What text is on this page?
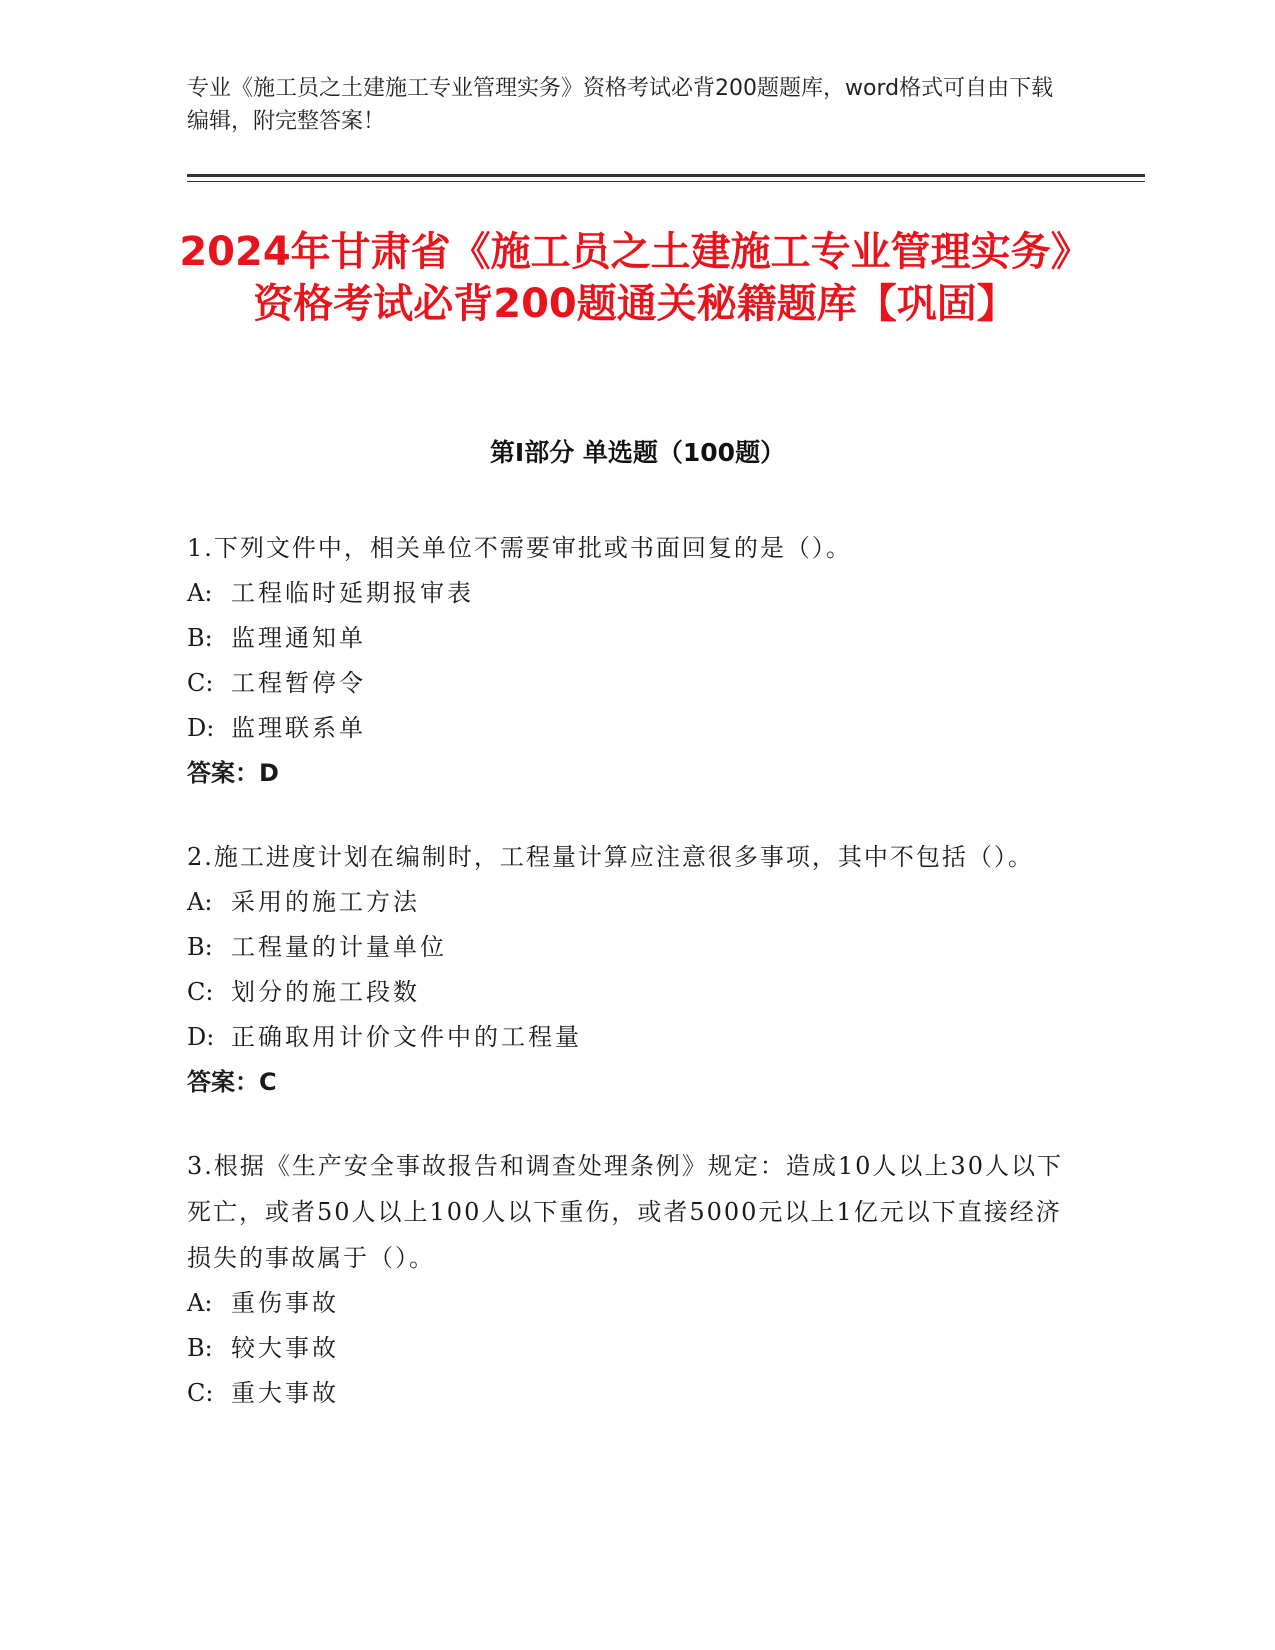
专业《施工员之土建施工专业管理实务》资格考试必背200题题库，word格式可自由下载编辑，附完整答案！

2024年甘肃省《施工员之土建施工专业管理实务》资格考试必背200题通关秘籍题库【巩固】
第I部分 单选题（100题）

1.下列文件中，相关单位不需要审批或书面回复的是（）。

A: 工程临时延期报审表

B: 监理通知单

C: 工程暂停令

D: 监理联系单

答案：D

2.施工进度计划在编制时，工程量计算应注意很多事项，其中不包括（）。

A: 采用的施工方法

B: 工程量的计量单位

C: 划分的施工段数

D: 正确取用计价文件中的工程量

答案：C

3.根据《生产安全事故报告和调查处理条例》规定：造成10人以上30人以下死亡，或者50人以上100人以下重伤，或者5000元以上1亿元以下直接经济损失的事故属于（）。

A: 重伤事故

B: 较大事故

C: 重大事故
